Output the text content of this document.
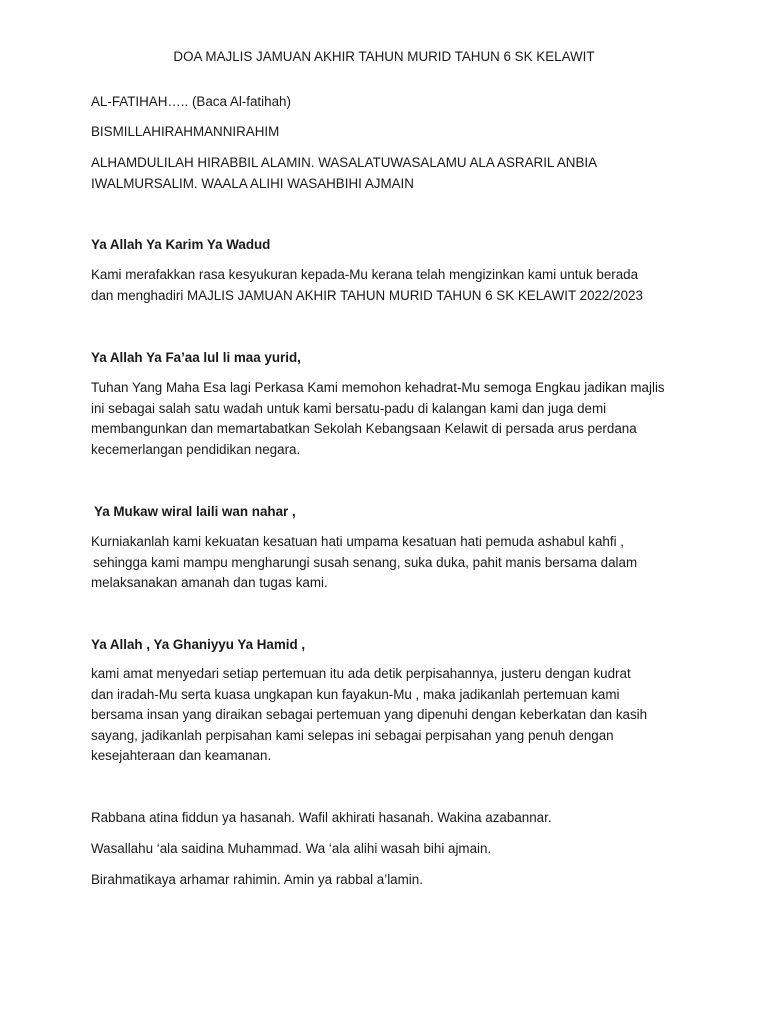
DOA MAJLIS JAMUAN AKHIR TAHUN MURID TAHUN 6 SK KELAWIT

AL-FATIHAH….. (Baca Al-fatihah)

BISMILLAHIRAHMANNIRAHIM

ALHAMDULILAH HIRABBIL ALAMIN. WASALATUWASALAMU ALA ASRARIL ANBIA
IWALMURSALIM. WAALA ALIHI WASAHBIHI AJMAIN

Ya Allah Ya Karim Ya Wadud

Kami merafakkan rasa kesyukuran kepada-Mu kerana telah mengizinkan kami untuk berada
dan menghadiri MAJLIS JAMUAN AKHIR TAHUN MURID TAHUN 6 SK KELAWIT 2022/2023

Ya Allah Ya Fa’aa lul li maa yurid,

Tuhan Yang Maha Esa lagi Perkasa Kami memohon kehadrat-Mu semoga Engkau jadikan majlis
ini sebagai salah satu wadah untuk kami bersatu-padu di kalangan kami dan juga demi
membangunkan dan memartabatkan Sekolah Kebangsaan Kelawit di persada arus perdana
kecemerlangan pendidikan negara.

Ya Mukaw wiral laili wan nahar ,

Kurniakanlah kami kekuatan kesatuan hati umpama kesatuan hati pemuda ashabul kahfi ,
sehingga kami mampu mengharungi susah senang, suka duka, pahit manis bersama dalam
melaksanakan amanah dan tugas kami.

Ya Allah , Ya Ghaniyyu Ya Hamid ,

kami amat menyedari setiap pertemuan itu ada detik perpisahannya, justeru dengan kudrat
dan iradah-Mu serta kuasa ungkapan kun fayakun-Mu , maka jadikanlah pertemuan kami
bersama insan yang diraikan sebagai pertemuan yang dipenuhi dengan keberkatan dan kasih
sayang, jadikanlah perpisahan kami selepas ini sebagai perpisahan yang penuh dengan
kesejahteraan dan keamanan.

Rabbana atina fiddun ya hasanah. Wafil akhirati hasanah. Wakina azabannar.

Wasallahu ‘ala saidina Muhammad. Wa ‘ala alihi wasah bihi ajmain.

Birahmatikaya arhamar rahimin. Amin ya rabbal a’lamin.
